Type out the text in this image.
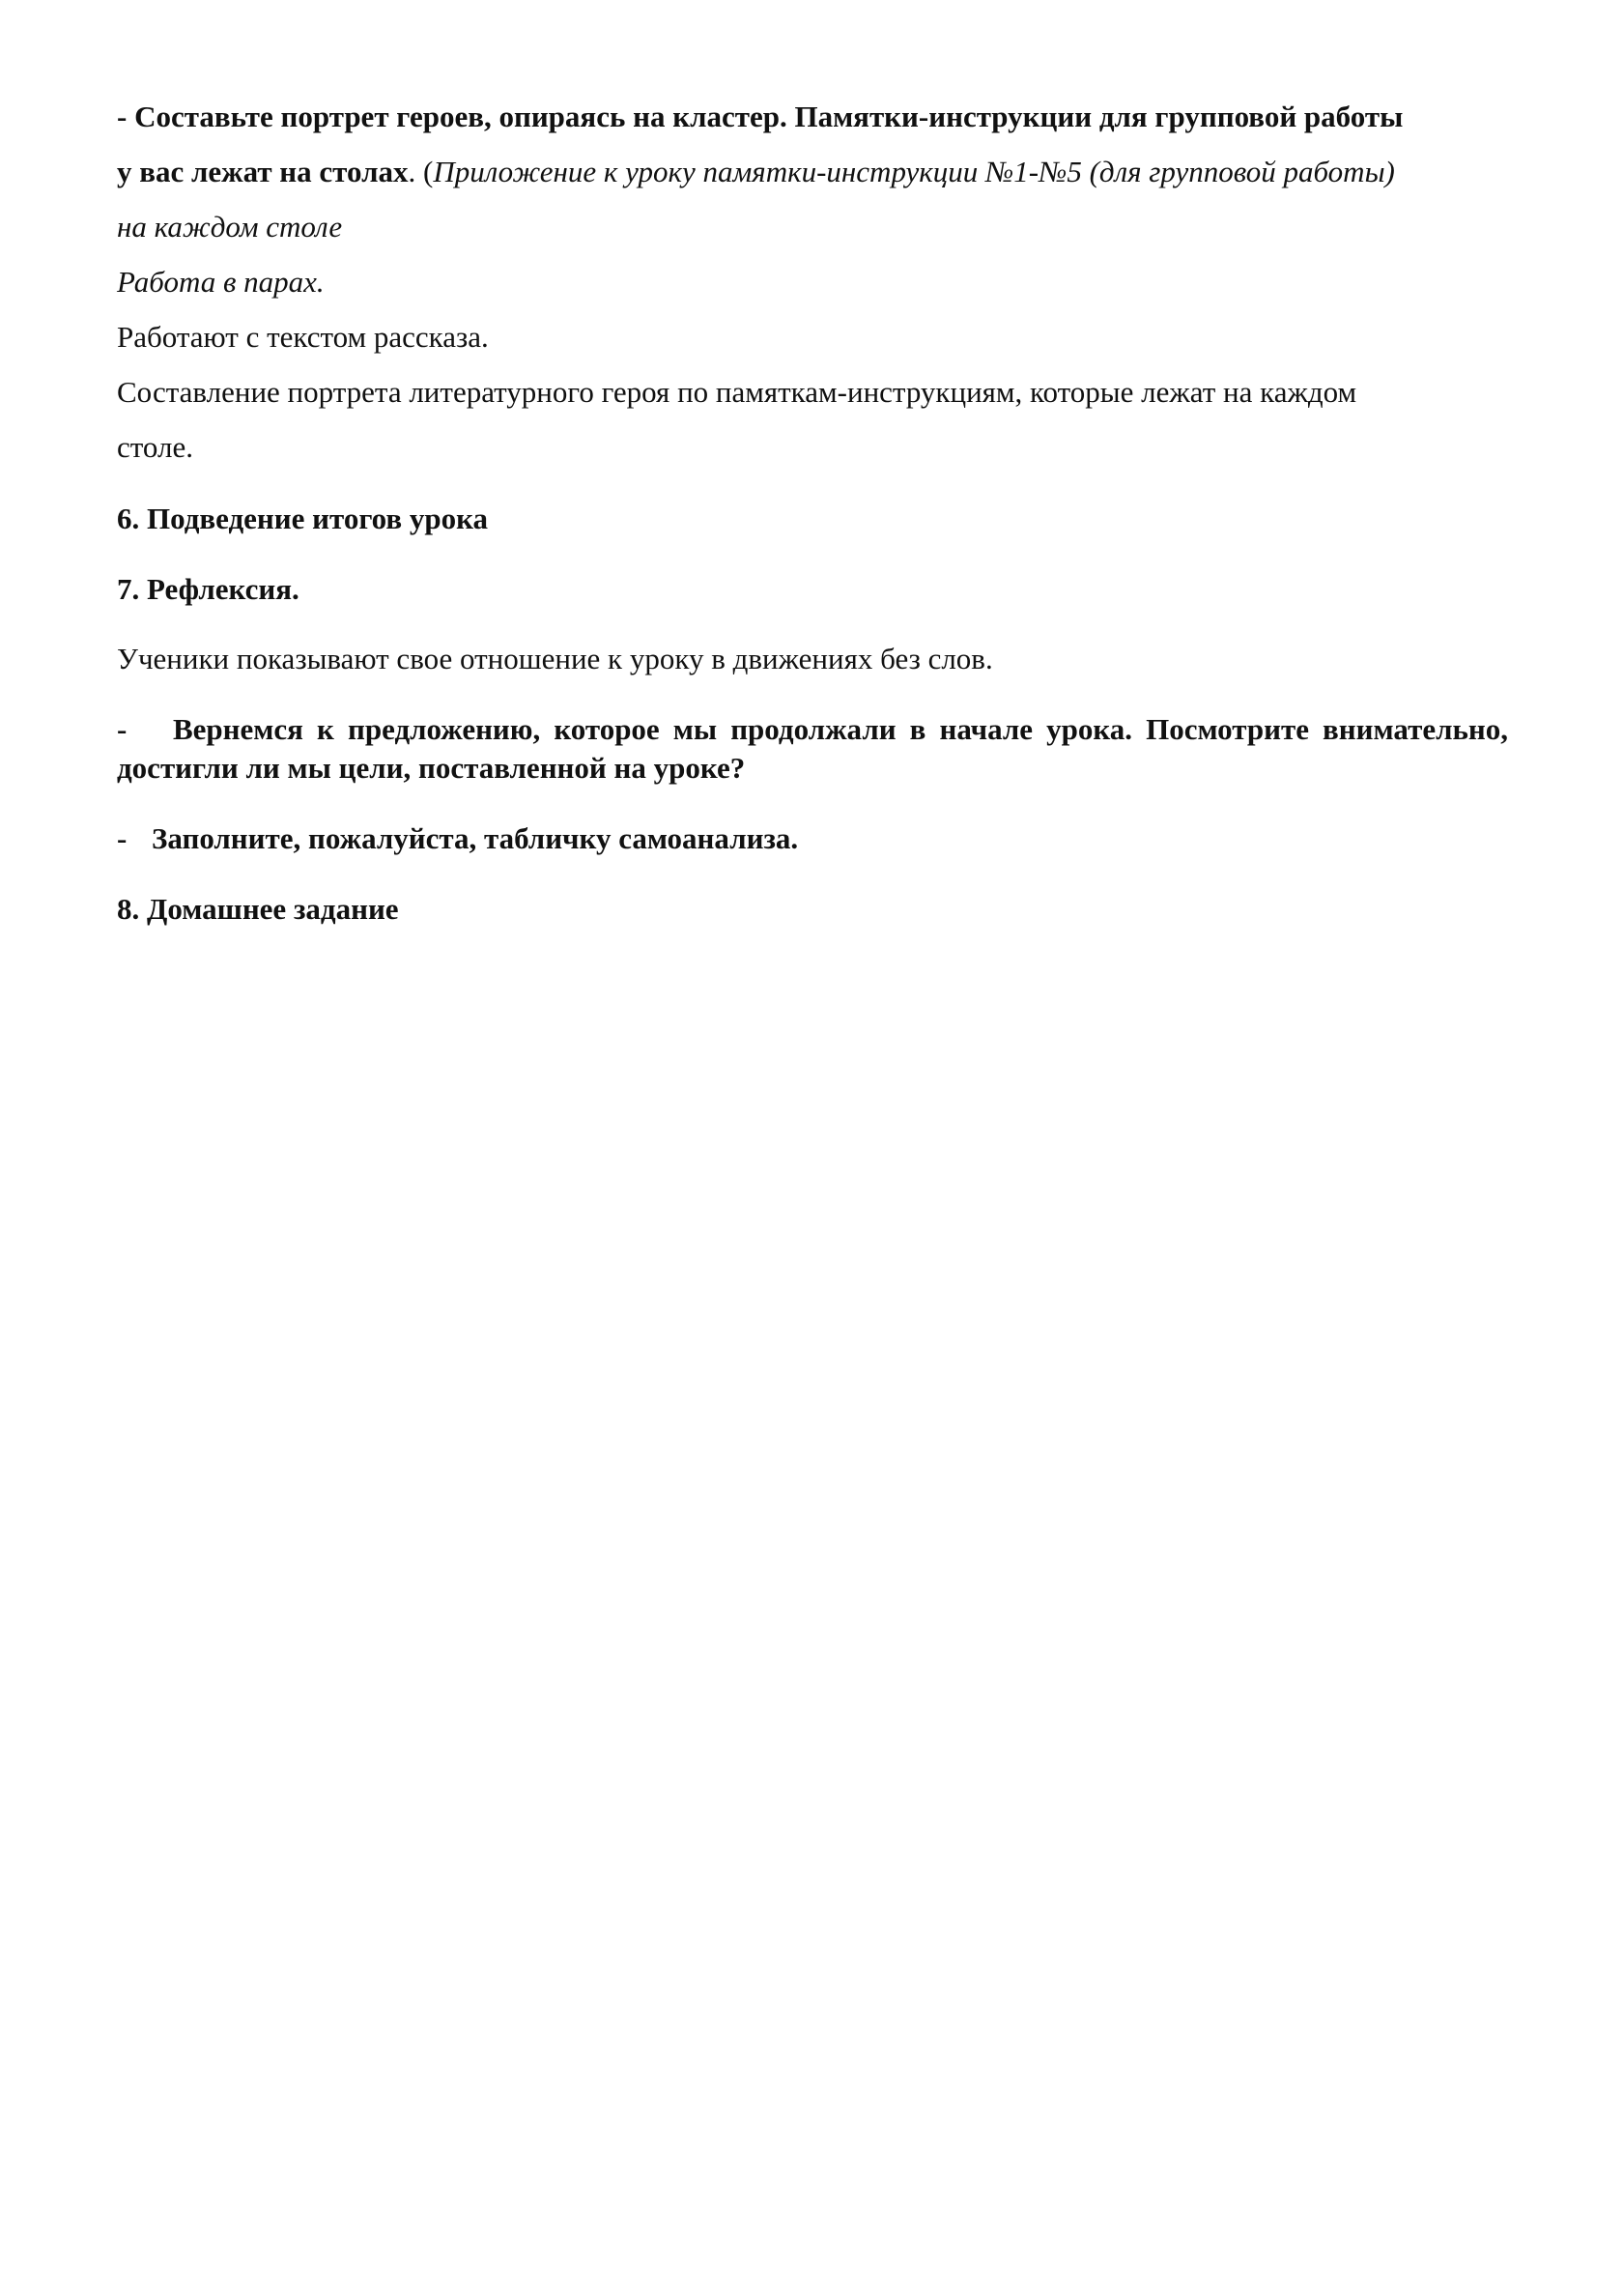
- Составьте портрет героев, опираясь на кластер. Памятки-инструкции для групповой работы
у вас лежат на столах. (Приложение к уроку памятки-инструкции №1-№5 (для групповой работы)
на каждом столе
Работа в парах.
Работают с текстом рассказа.
Составление портрета литературного героя по памяткам-инструкциям, которые лежат на каждом
столе.

6. Подведение итогов урока

7. Рефлексия.

Ученики показывают свое отношение к уроку в движениях без слов.

- Вернемся к предложению, которое мы продолжали в начале урока. Посмотрите внимательно, достигли ли мы цели, поставленной на уроке?

- Заполните, пожалуйста, табличку самоанализа.

8. Домашнее задание
